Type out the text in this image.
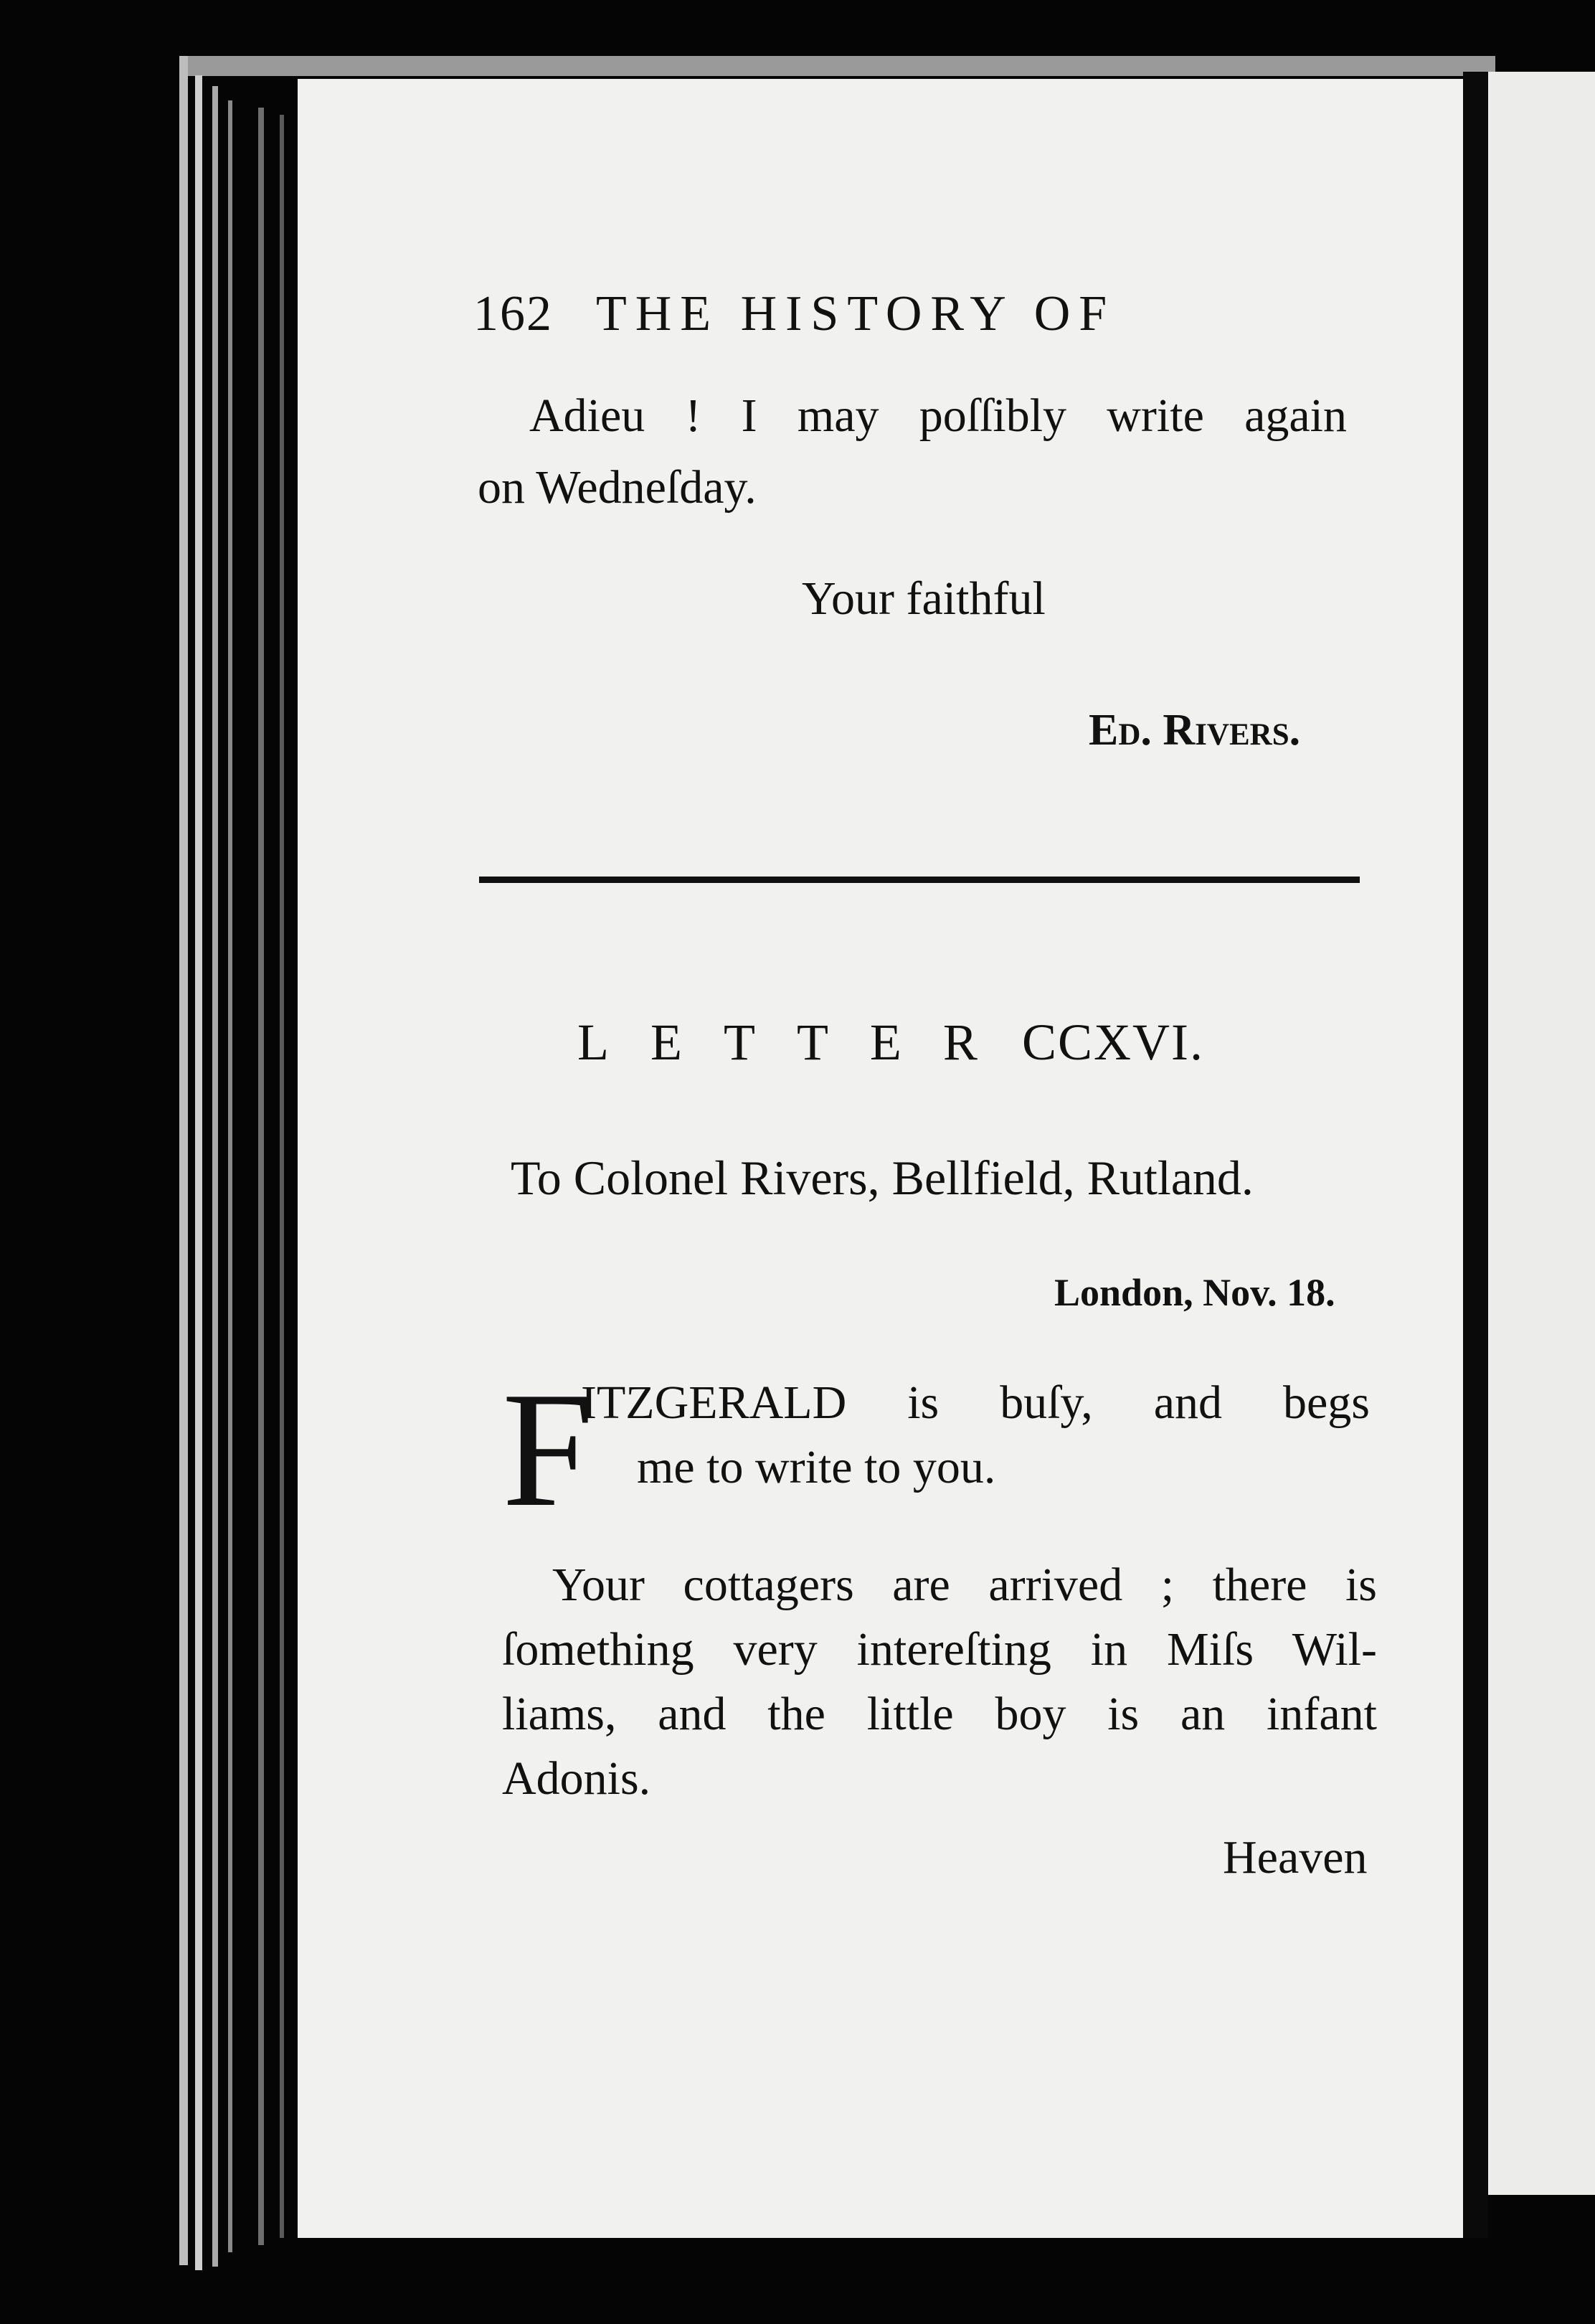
162 THE HISTORY OF
Adieu ! I may poſſibly write again
on Wedneſday.
Your faithful
Ed. Rivers.
LETTERCCXVI.
To Colonel Rivers, Bellfield, Rutland.
London, Nov. 18.
F
ITZGERALD is buſy, and begs
me to write to you.
Your cottagers are arrived ; there is
ſomething very intereſting in Miſs Wil-
liams, and the little boy is an infant
Adonis.
Heaven
